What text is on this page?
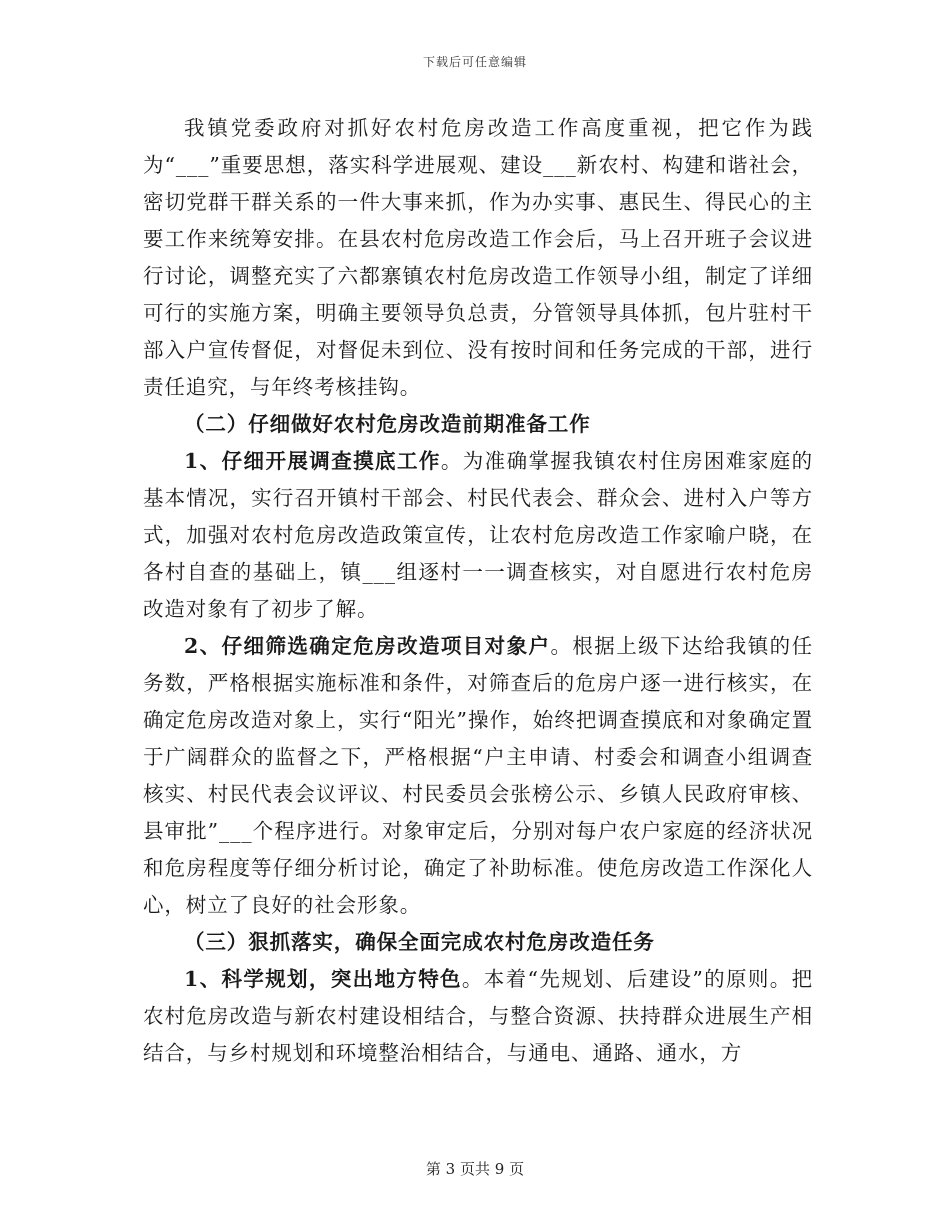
下载后可任意编辑

我镇党委政府对抓好农村危房改造工作高度重视，把它作为践为“___”重要思想，落实科学进展观、建设___新农村、构建和谐社会，密切党群干群关系的一件大事来抓，作为办实事、惠民生、得民心的主要工作来统筹安排。在县农村危房改造工作会后，马上召开班子会议进行讨论，调整充实了六都寨镇农村危房改造工作领导小组，制定了详细可行的实施方案，明确主要领导负总责，分管领导具体抓，包片驻村干部入户宣传督促，对督促未到位、没有按时间和任务完成的干部，进行责任追究，与年终考核挂钩。

（二）仔细做好农村危房改造前期准备工作

1、仔细开展调查摸底工作。为准确掌握我镇农村住房困难家庭的基本情况，实行召开镇村干部会、村民代表会、群众会、进村入户等方式，加强对农村危房改造政策宣传，让农村危房改造工作家喻户晓，在各村自查的基础上，镇___组逐村一一调查核实，对自愿进行农村危房改造对象有了初步了解。

2、仔细筛选确定危房改造项目对象户。根据上级下达给我镇的任务数，严格根据实施标准和条件，对筛查后的危房户逐一进行核实，在确定危房改造对象上，实行“阳光”操作，始终把调查摸底和对象确定置于广阔群众的监督之下，严格根据“户主申请、村委会和调查小组调查核实、村民代表会议评议、村民委员会张榜公示、乡镇人民政府审核、县审批”___个程序进行。对象审定后，分别对每户农户家庭的经济状况和危房程度等仔细分析讨论，确定了补助标准。使危房改造工作深化人心，树立了良好的社会形象。

（三）狠抓落实，确保全面完成农村危房改造任务

1、科学规划，突出地方特色。本着“先规划、后建设”的原则。把农村危房改造与新农村建设相结合，与整合资源、扶持群众进展生产相结合，与乡村规划和环境整治相结合，与通电、通路、通水，方

第 3 页共 9 页
